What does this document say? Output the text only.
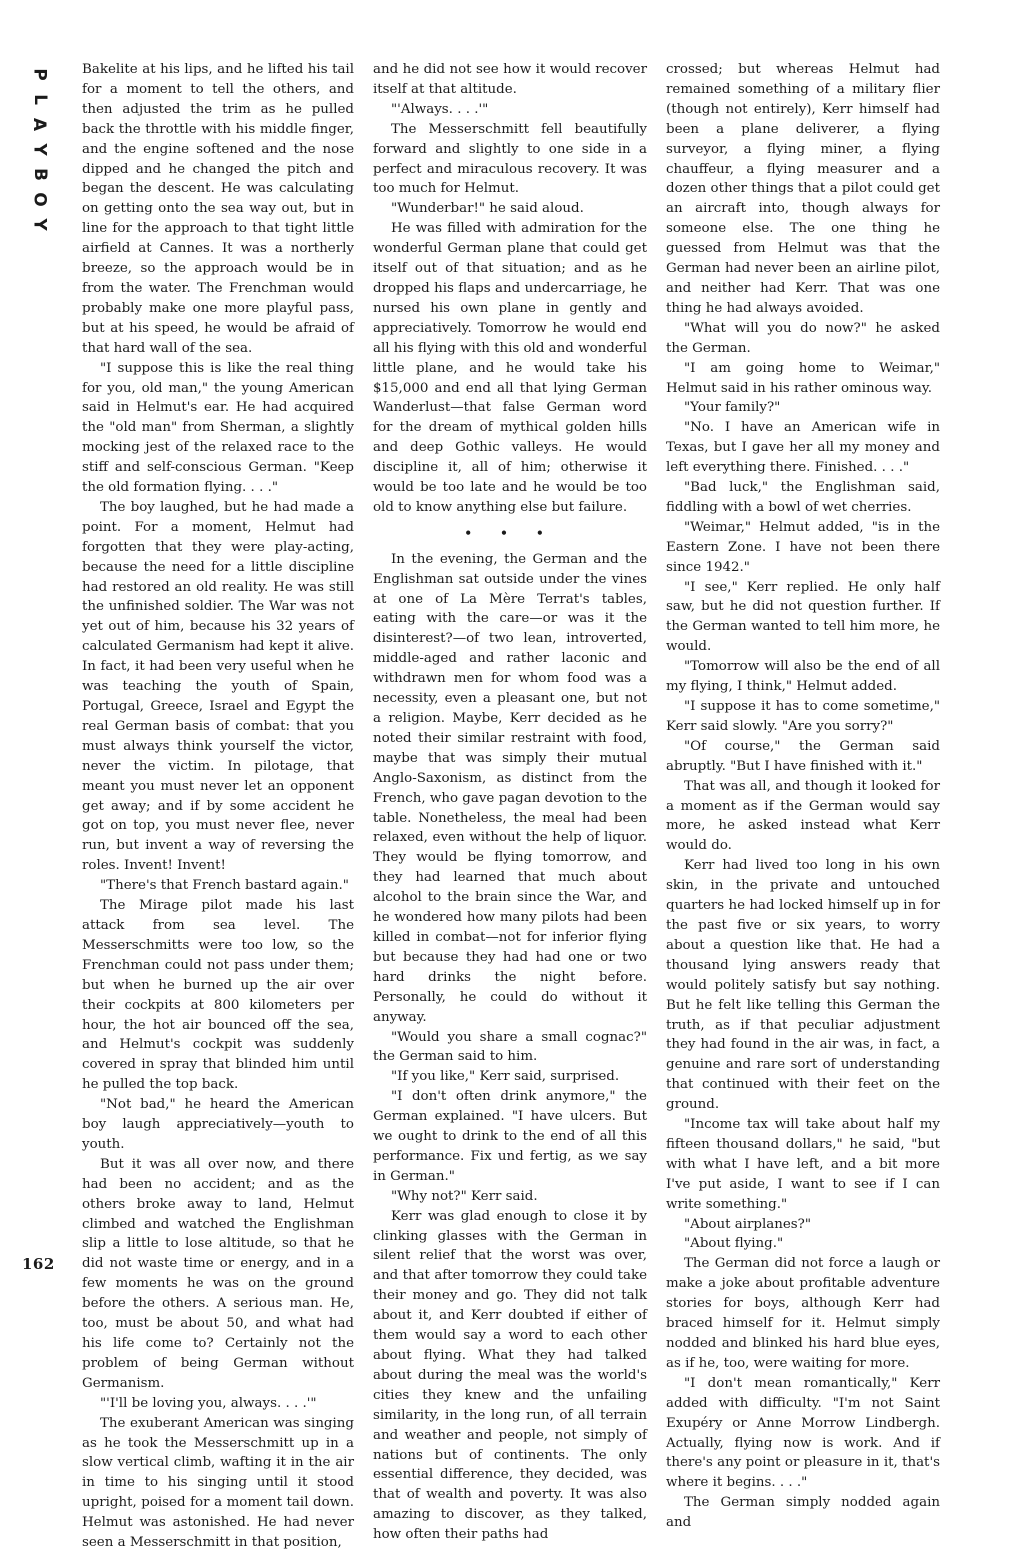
P
L
A
Y
B
O
Y

Bakelite at his lips, and he lifted his tail for a moment to tell the others, and then adjusted the trim as he pulled back the throttle with his middle finger, and the engine softened and the nose dipped and he changed the pitch and began the descent. He was calculating on getting onto the sea way out, but in line for the approach to that tight little airfield at Cannes. It was a northerly breeze, so the approach would be in from the water. The Frenchman would probably make one more playful pass, but at his speed, he would be afraid of that hard wall of the sea.

"I suppose this is like the real thing for you, old man," the young American said in Helmut's ear. He had acquired the "old man" from Sherman, a slightly mocking jest of the relaxed race to the stiff and self-conscious German. "Keep the old formation flying. . . ."

The boy laughed, but he had made a point. For a moment, Helmut had forgotten that they were play-acting, because the need for a little discipline had restored an old reality. He was still the unfinished soldier. The War was not yet out of him, because his 32 years of calculated Germanism had kept it alive. In fact, it had been very useful when he was teaching the youth of Spain, Portugal, Greece, Israel and Egypt the real German basis of combat: that you must always think yourself the victor, never the victim. In pilotage, that meant you must never let an opponent get away; and if by some accident he got on top, you must never flee, never run, but invent a way of reversing the roles. Invent! Invent!

"There's that French bastard again."

The Mirage pilot made his last attack from sea level. The Messerschmitts were too low, so the Frenchman could not pass under them; but when he burned up the air over their cockpits at 800 kilometers per hour, the hot air bounced off the sea, and Helmut's cockpit was suddenly covered in spray that blinded him until he pulled the top back.

"Not bad," he heard the American boy laugh appreciatively—youth to youth.

But it was all over now, and there had been no accident; and as the others broke away to land, Helmut climbed and watched the Englishman slip a little to lose altitude, so that he did not waste time or energy, and in a few moments he was on the ground before the others. A serious man. He, too, must be about 50, and what had his life come to? Certainly not the problem of being German without Germanism.

"'I'll be loving you, always. . . .'"

The exuberant American was singing as he took the Messerschmitt up in a slow vertical climb, wafting it in the air in time to his singing until it stood upright, poised for a moment tail down. Helmut was astonished. He had never seen a Messerschmitt in that position,

and he did not see how it would recover itself at that altitude.

"'Always. . . .'"

The Messerschmitt fell beautifully forward and slightly to one side in a perfect and miraculous recovery. It was too much for Helmut.

"Wunderbar!" he said aloud.

He was filled with admiration for the wonderful German plane that could get itself out of that situation; and as he dropped his flaps and undercarriage, he nursed his own plane in gently and appreciatively. Tomorrow he would end all his flying with this old and wonderful little plane, and he would take his $15,000 and end all that lying German Wanderlust—that false German word for the dream of mythical golden hills and deep Gothic valleys. He would discipline it, all of him; otherwise it would be too late and he would be too old to know anything else but failure.

• • •

In the evening, the German and the Englishman sat outside under the vines at one of La Mère Terrat's tables, eating with the care—or was it the disinterest?—of two lean, introverted, middle-aged and rather laconic and withdrawn men for whom food was a necessity, even a pleasant one, but not a religion. Maybe, Kerr decided as he noted their similar restraint with food, maybe that was simply their mutual Anglo-Saxonism, as distinct from the French, who gave pagan devotion to the table. Nonetheless, the meal had been relaxed, even without the help of liquor. They would be flying tomorrow, and they had learned that much about alcohol to the brain since the War, and he wondered how many pilots had been killed in combat—not for inferior flying but because they had had one or two hard drinks the night before. Personally, he could do without it anyway.

"Would you share a small cognac?" the German said to him.

"If you like," Kerr said, surprised.

"I don't often drink anymore," the German explained. "I have ulcers. But we ought to drink to the end of all this performance. Fix und fertig, as we say in German."

"Why not?" Kerr said.

Kerr was glad enough to close it by clinking glasses with the German in silent relief that the worst was over, and that after tomorrow they could take their money and go. They did not talk about it, and Kerr doubted if either of them would say a word to each other about flying. What they had talked about during the meal was the world's cities they knew and the unfailing similarity, in the long run, of all terrain and weather and people, not simply of nations but of continents. The only essential difference, they decided, was that of wealth and poverty. It was also amazing to discover, as they talked, how often their paths had

crossed; but whereas Helmut had remained something of a military flier (though not entirely), Kerr himself had been a plane deliverer, a flying surveyor, a flying miner, a flying chauffeur, a flying measurer and a dozen other things that a pilot could get an aircraft into, though always for someone else. The one thing he guessed from Helmut was that the German had never been an airline pilot, and neither had Kerr. That was one thing he had always avoided.

"What will you do now?" he asked the German.

"I am going home to Weimar," Helmut said in his rather ominous way.

"Your family?"

"No. I have an American wife in Texas, but I gave her all my money and left everything there. Finished. . . ."

"Bad luck," the Englishman said, fiddling with a bowl of wet cherries.

"Weimar," Helmut added, "is in the Eastern Zone. I have not been there since 1942."

"I see," Kerr replied. He only half saw, but he did not question further. If the German wanted to tell him more, he would.

"Tomorrow will also be the end of all my flying, I think," Helmut added.

"I suppose it has to come sometime," Kerr said slowly. "Are you sorry?"

"Of course," the German said abruptly. "But I have finished with it."

That was all, and though it looked for a moment as if the German would say more, he asked instead what Kerr would do.

Kerr had lived too long in his own skin, in the private and untouched quarters he had locked himself up in for the past five or six years, to worry about a question like that. He had a thousand lying answers ready that would politely satisfy but say nothing. But he felt like telling this German the truth, as if that peculiar adjustment they had found in the air was, in fact, a genuine and rare sort of understanding that continued with their feet on the ground.

"Income tax will take about half my fifteen thousand dollars," he said, "but with what I have left, and a bit more I've put aside, I want to see if I can write something."

"About airplanes?"

"About flying."

The German did not force a laugh or make a joke about profitable adventure stories for boys, although Kerr had braced himself for it. Helmut simply nodded and blinked his hard blue eyes, as if he, too, were waiting for more.

"I don't mean romantically," Kerr added with difficulty. "I'm not Saint Exupéry or Anne Morrow Lindbergh. Actually, flying now is work. And if there's any point or pleasure in it, that's where it begins. . . ."

The German simply nodded again and

162
